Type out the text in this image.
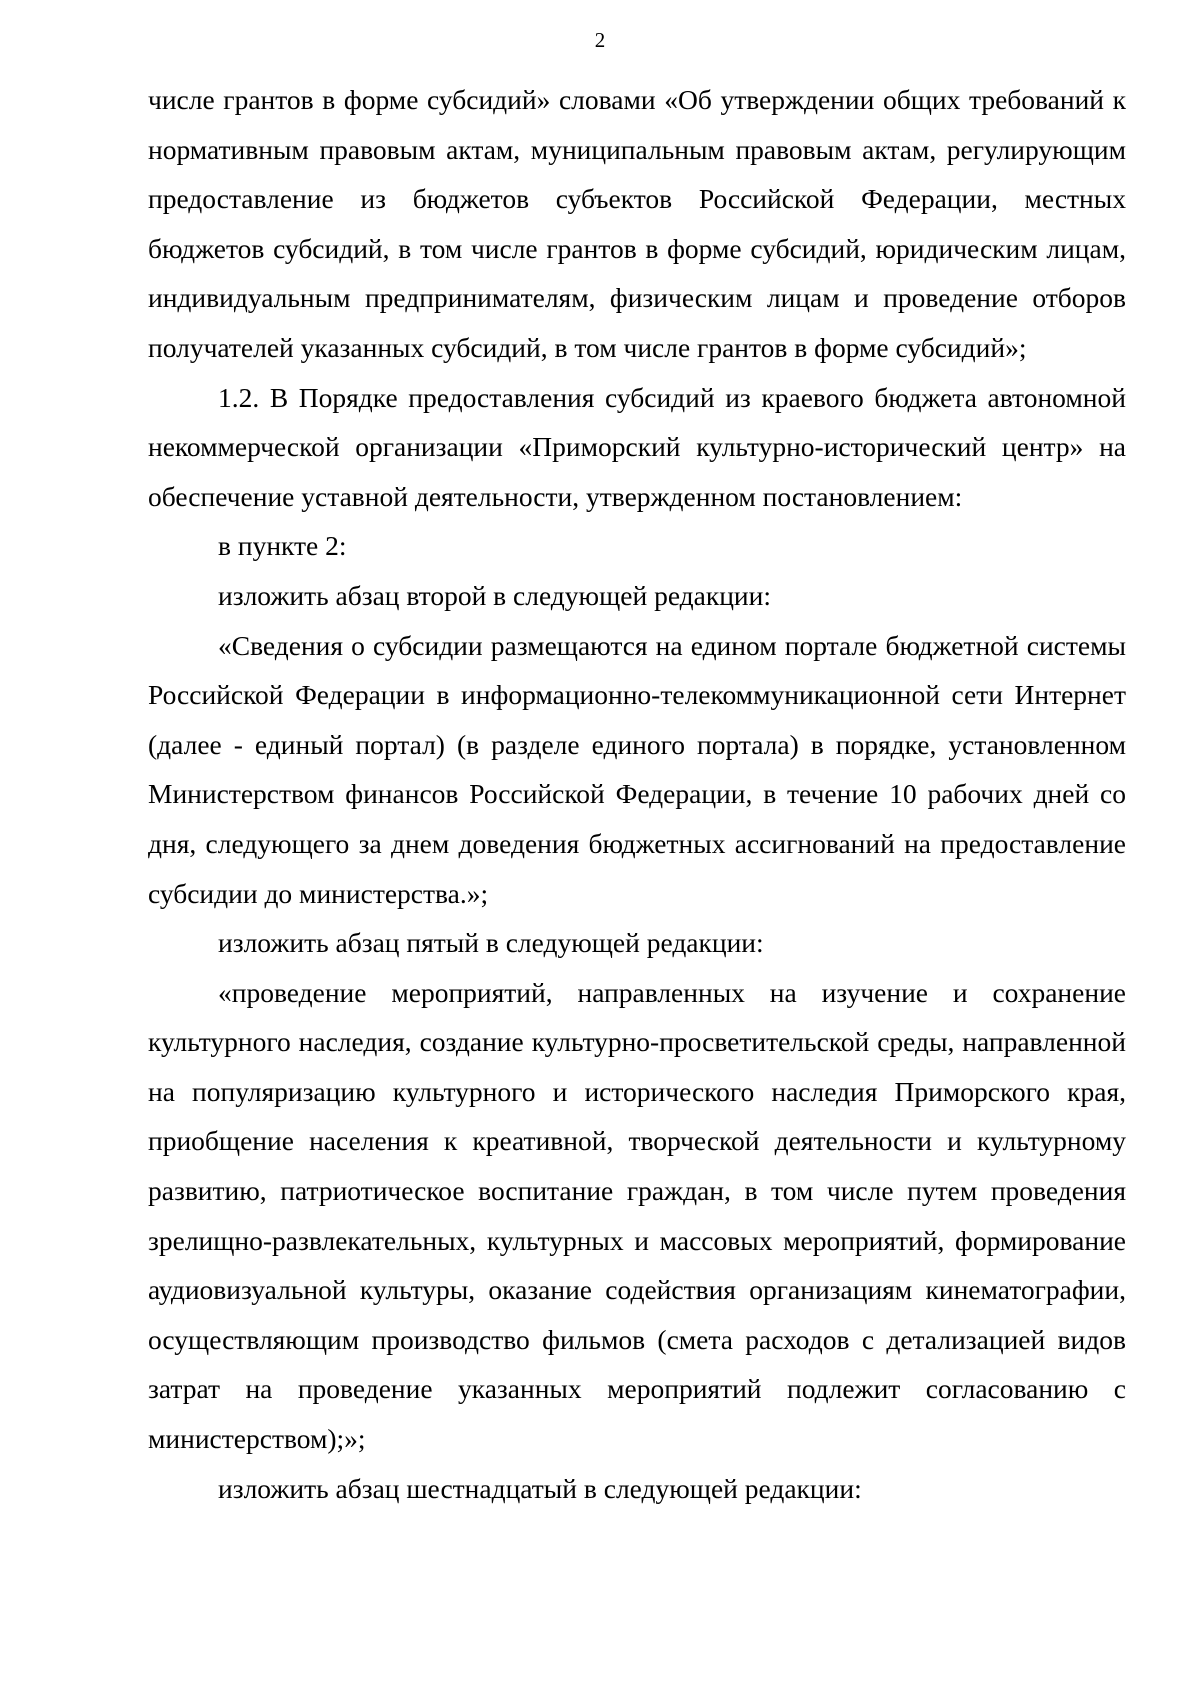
2

числе грантов в форме субсидий» словами «Об утверждении общих требований к нормативным правовым актам, муниципальным правовым актам, регулирующим предоставление из бюджетов субъектов Российской Федерации, местных бюджетов субсидий, в том числе грантов в форме субсидий, юридическим лицам, индивидуальным предпринимателям, физическим лицам и проведение отборов получателей указанных субсидий, в том числе грантов в форме субсидий»;

1.2. В Порядке предоставления субсидий из краевого бюджета автономной некоммерческой организации «Приморский культурно-исторический центр» на обеспечение уставной деятельности, утвержденном постановлением:

в пункте 2:

изложить абзац второй в следующей редакции:

«Сведения о субсидии размещаются на едином портале бюджетной системы Российской Федерации в информационно-телекоммуникационной сети Интернет (далее - единый портал) (в разделе единого портала) в порядке, установленном Министерством финансов Российской Федерации, в течение 10 рабочих дней со дня, следующего за днем доведения бюджетных ассигнований на предоставление субсидии до министерства.»;

изложить абзац пятый в следующей редакции:

«проведение мероприятий, направленных на изучение и сохранение культурного наследия, создание культурно-просветительской среды, направленной на популяризацию культурного и исторического наследия Приморского края, приобщение населения к креативной, творческой деятельности и культурному развитию, патриотическое воспитание граждан, в том числе путем проведения зрелищно-развлекательных, культурных и массовых мероприятий, формирование аудиовизуальной культуры, оказание содействия организациям кинематографии, осуществляющим производство фильмов (смета расходов с детализацией видов затрат на проведение указанных мероприятий подлежит согласованию с министерством);»;

изложить абзац шестнадцатый в следующей редакции:
